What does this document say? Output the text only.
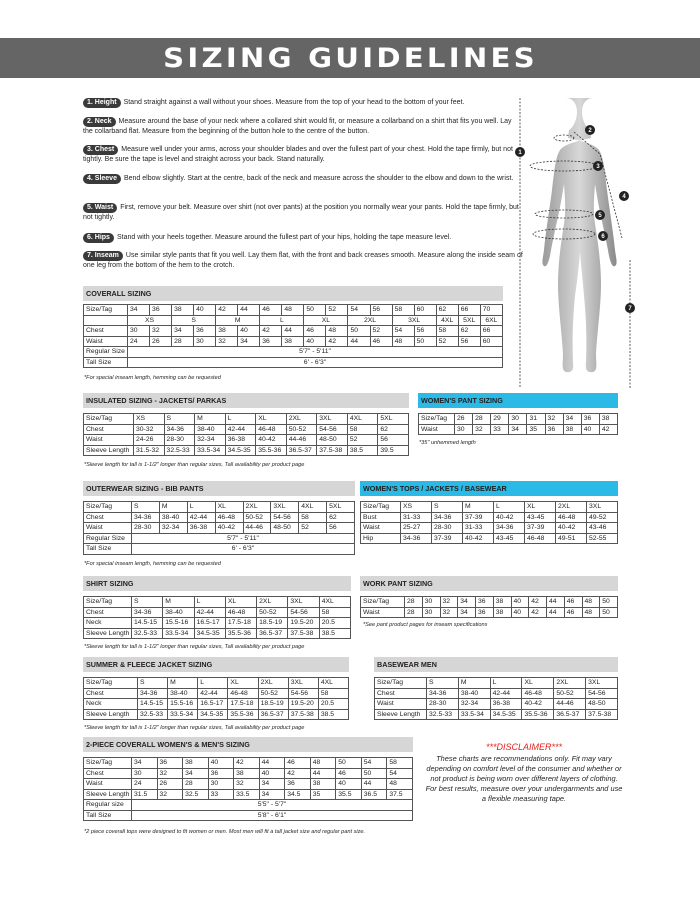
SIZING GUIDELINES
1. Height Stand straight against a wall without your shoes. Measure from the top of your head to the bottom of your feet.
2. Neck Measure around the base of your neck where a collared shirt would fit, or measure a collarband on a shirt that fits you well. Lay the collarband flat. Measure from the beginning of the button hole to the centre of the button.
3. Chest Measure well under your arms, across your shoulder blades and over the fullest part of your chest. Hold the tape firmly, but not tightly. Be sure the tape is level and straight across your back. Stand naturally.
4. Sleeve Bend elbow slightly. Start at the centre, back of the neck and measure across the shoulder to the elbow and down to the wrist.
5. Waist First, remove your belt. Measure over shirt (not over pants) at the position you normally wear your pants. Hold the tape firmly, but not tightly.
6. Hips Stand with your heels together. Measure around the fullest part of your hips, holding the tape measure level.
7. Inseam Use similar style pants that fit you well. Lay them flat, with the front and back creases smooth. Measure along the inside seam of one leg from the bottom of the hem to the crotch.
1
2
3
4
5
6
7
COVERALL SIZING
Size/Tag	34	36	38	40	42	44	46	48	50	52	54	56	58	60	62	66	70
	XS		S		M		L		XL		2XL		3XL		4XL	5XL	6XL
Chest	30	32	34	36	38	40	42	44	46	48	50	52	54	56	58	62	66
Waist	24	26	28	30	32	34	36	38	40	42	44	46	48	50	52	56	60
Regular Size	5'7" - 5'11"																
Tall Size	6' - 6'3"																
*For special inseam length, hemming can be requested
INSULATED SIZING - JACKETS/ PARKAS
Size/Tag	XS	S	M	L	XL	2XL	3XL	4XL	5XL
Chest	30-32	34-36	38-40	42-44	46-48	50-52	54-56	58	62
Waist	24-26	28-30	32-34	36-38	40-42	44-46	48-50	52	56
Sleeve Length	31.5-32	32.5-33	33.5-34	34.5-35	35.5-36	36.5-37	37.5-38	38.5	39.5
*Sleeve length for tall is 1-1/2" longer than regular sizes, Tall availability per product page
WOMEN'S PANT SIZING
Size/Tag	26	28	29	30	31	32	34	36	38
Waist	30	32	33	34	35	36	38	40	42
*35" unhemmed length
OUTERWEAR SIZING - BIB PANTS
Size/Tag	S	M	L	XL	2XL	3XL	4XL	5XL
Chest	34-36	38-40	42-44	46-48	50-52	54-56	58	62
Waist	28-30	32-34	36-38	40-42	44-46	48-50	52	56
Regular Size	5'7" - 5'11"							
Tall Size	6' - 6'3"							
*For special inseam length, hemming can be requested
WOMEN'S TOPS / JACKETS / BASEWEAR
Size/Tag	XS	S	M	L	XL	2XL	3XL
Bust	31-33	34-36	37-39	40-42	43-45	46-48	49-52
Waist	25-27	28-30	31-33	34-36	37-39	40-42	43-46
Hip	34-36	37-39	40-42	43-45	46-48	49-51	52-55
SHIRT SIZING
Size/Tag	S	M	L	XL	2XL	3XL	4XL
Chest	34-36	38-40	42-44	46-48	50-52	54-56	58
Neck	14.5-15	15.5-16	16.5-17	17.5-18	18.5-19	19.5-20	20.5
Sleeve Length	32.5-33	33.5-34	34.5-35	35.5-36	36.5-37	37.5-38	38.5
*Sleeve length for tall is 1-1/2" longer than regular sizes, Tall availability per product page
WORK PANT SIZING
Size/Tag	28	30	32	34	36	38	40	42	44	46	48	50
Waist	28	30	32	34	36	38	40	42	44	46	48	50
*See pant product pages for inseam specifications
SUMMER & FLEECE JACKET SIZING
Size/Tag	S	M	L	XL	2XL	3XL	4XL
Chest	34-36	38-40	42-44	46-48	50-52	54-56	58
Neck	14.5-15	15.5-16	16.5-17	17.5-18	18.5-19	19.5-20	20.5
Sleeve Length	32.5-33	33.5-34	34.5-35	35.5-36	36.5-37	37.5-38	38.5
*Sleeve length for tall is 1-1/2" longer than regular sizes, Tall availability per product page
BASEWEAR MEN
Size/Tag	S	M	L	XL	2XL	3XL
Chest	34-36	38-40	42-44	46-48	50-52	54-56
Waist	28-30	32-34	36-38	40-42	44-46	48-50
Sleeve Length	32.5-33	33.5-34	34.5-35	35.5-36	36.5-37	37.5-38
2-PIECE COVERALL WOMEN'S & MEN'S SIZING
Size/Tag	34	36	38	40	42	44	46	48	50	54	58
Chest	30	32	34	36	38	40	42	44	46	50	54
Waist	24	26	28	30	32	34	36	38	40	44	48
Sleeve Length	31.5	32	32.5	33	33.5	34	34.5	35	35.5	36.5	37.5
Regular size	5'5" - 5'7"										
Tall Size	5'8" - 6'1"										
*2 piece coverall tops were designed to fit women or men. Most men will fit a tall jacket size and regular pant size.
***DISCLAIMER***
These charts are recommendations only. Fit may vary depending on comfort level of the consumer and whether or not product is being worn over different layers of clothing. For best results, measure over your undergarments and use a flexible measuring tape.
